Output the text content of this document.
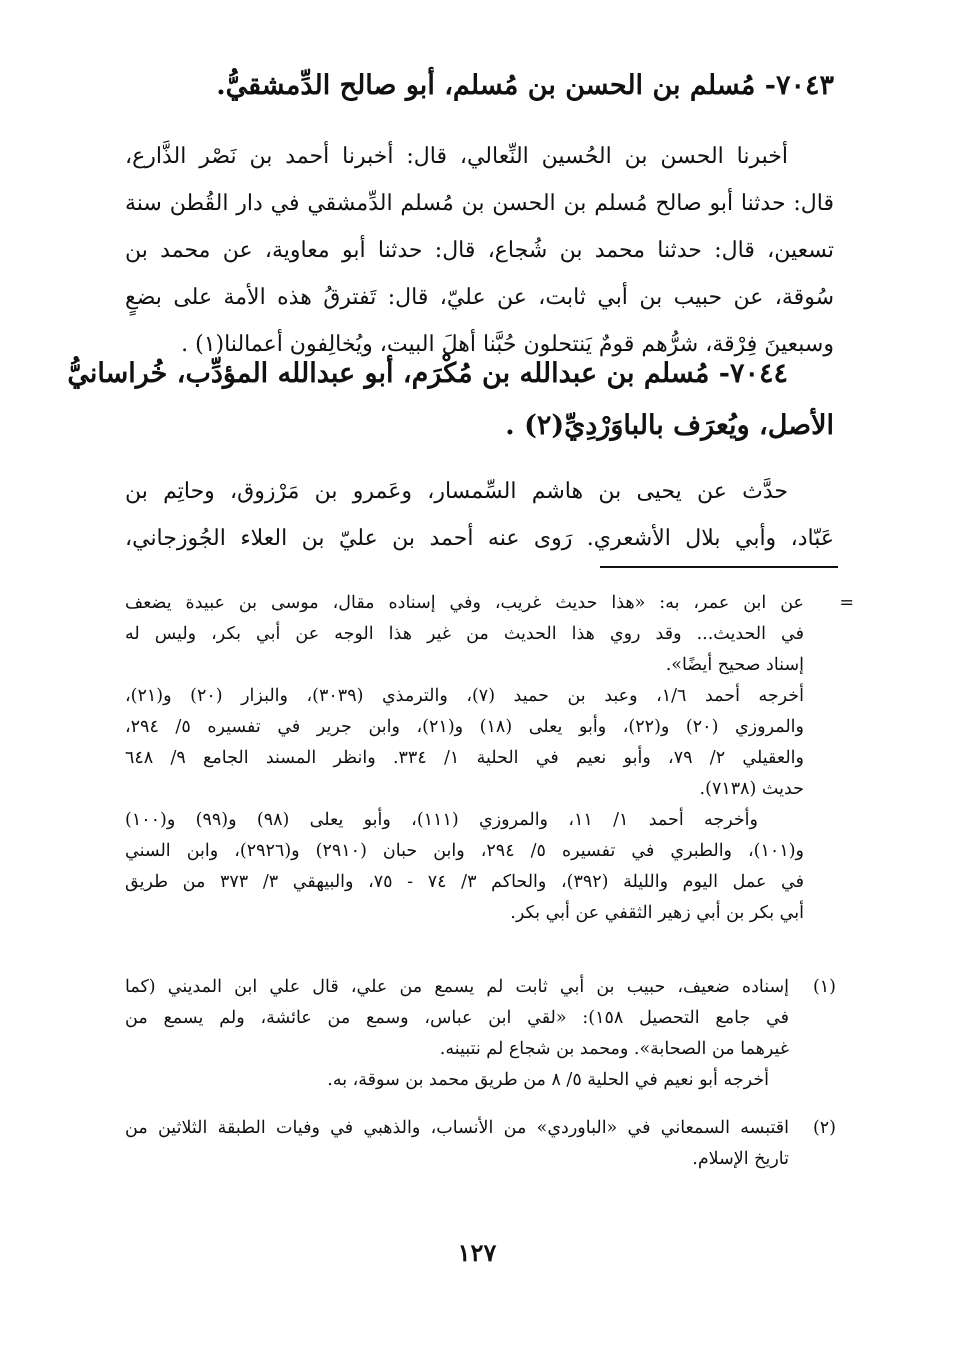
٧٠٤٣- مُسلم بن الحسن بن مُسلم، أبو صالح الدِّمشقيُّ.
أخبرنا الحسن بن الحُسين النِّعالي، قال: أخبرنا أحمد بن نَصْر الذَّارع،
قال: حدثنا أبو صالح مُسلم بن الحسن بن مُسلم الدِّمشقي في دار القُطن سنة
تسعين، قال: حدثنا محمد بن شُجاع، قال: حدثنا أبو معاوية، عن محمد بن
سُوقة، عن حبيب بن أبي ثابت، عن عليّ، قال: تَفترقُ هذه الأمة على بضعٍ
وسبعينَ فِرْقة، شرُّهم قومٌ يَنتحلون حُبَّنا أهلَ البيت، ويُخالِفون أعمالنا(١) .
٧٠٤٤- مُسلم بن عبدالله بن مُكْرَم، أبو عبدالله المؤدِّب، خُراسانيُّ
الأصل، ويُعرَف بالباوَرْدِيِّ(٢) .
حدَّث عن يحيى بن هاشم السِّمسار، وعَمرو بن مَرْزوق، وحاتِم بن
عَبّاد، وأبي بلال الأشعري. رَوى عنه أحمد بن عليّ بن العلاء الجُوزجاني،
=
عن ابن عمر، به: «هذا حديث غريب، وفي إسناده مقال، موسى بن عبيدة يضعف
في الحديث... وقد روي هذا الحديث من غير هذا الوجه عن أبي بكر، وليس له
إسناد صحيح أيضًا».
أخرجه أحمد ١/٦، وعبد بن حميد (٧)، والترمذي (٣٠٣٩)، والبزار (٢٠) و(٢١)،
والمروزي (٢٠) و(٢٢)، وأبو يعلى (١٨) و(٢١)، وابن جرير في تفسيره ٥/ ٢٩٤،
والعقيلي ٢/ ٧٩، وأبو نعيم في الحلية ١/ ٣٣٤. وانظر المسند الجامع ٩/ ٦٤٨
حديث (٧١٣٨).
وأخرجه أحمد ١/ ١١، والمروزي (١١١)، وأبو يعلى (٩٨) و(٩٩) و(١٠٠)
و(١٠١)، والطبري في تفسيره ٥/ ٢٩٤، وابن حبان (٢٩١٠) و(٢٩٢٦)، وابن السني
في عمل اليوم والليلة (٣٩٢)، والحاكم ٣/ ٧٤ - ٧٥، والبيهقي ٣/ ٣٧٣ من طريق
أبي بكر بن أبي زهير الثقفي عن أبي بكر.
(١)
إسناده ضعيف، حبيب بن أبي ثابت لم يسمع من علي، قال علي ابن المديني (كما
في جامع التحصيل ١٥٨): «لقي ابن عباس، وسمع من عائشة، ولم يسمع من
غيرهما من الصحابة». ومحمد بن شجاع لم نتبينه.
أخرجه أبو نعيم في الحلية ٥/ ٨ من طريق محمد بن سوقة، به.
(٢)
اقتبسه السمعاني في «الباوردي» من الأنساب، والذهبي في وفيات الطبقة الثلاثين من
تاريخ الإسلام.
١٢٧
